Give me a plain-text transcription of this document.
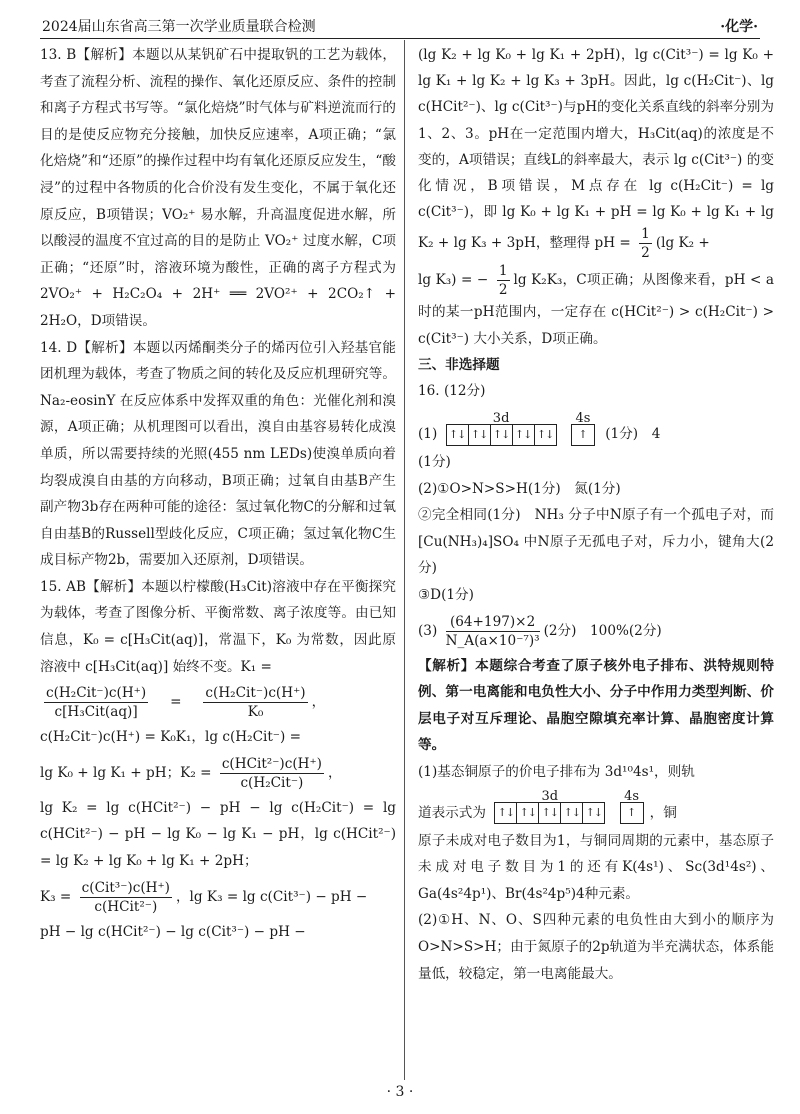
2024届山东省高三第一次学业质量联合检测	·化学·

13. B【解析】本题以从某钒矿石中提取钒的工艺为载体，考查了流程分析、流程的操作、氧化还原反应、条件的控制和离子方程式书写等。“氯化焙烧”时气体与矿料逆流而行的目的是使反应物充分接触，加快反应速率，A项正确；“氯化焙烧”和“还原”的操作过程中均有氧化还原反应发生，“酸浸”的过程中各物质的化合价没有发生变化，不属于氧化还原反应，B项错误；VO₂⁺ 易水解，升高温度促进水解，所以酸浸的温度不宜过高的目的是防止 VO₂⁺ 过度水解，C项正确；“还原”时，溶液环境为酸性，正确的离子方程式为 2VO₂⁺ + H₂C₂O₄ + 2H⁺ ══ 2VO²⁺ + 2CO₂↑ + 2H₂O，D项错误。

14. D【解析】本题以丙烯酮类分子的烯丙位引入羟基官能团机理为载体，考查了物质之间的转化及反应机理研究等。Na₂-eosinY 在反应体系中发挥双重的角色：光催化剂和溴源，A项正确；从机理图可以看出，溴自由基容易转化成溴单质，所以需要持续的光照(455 nm LEDs)使溴单质向着均裂成溴自由基的方向移动，B项正确；过氧自由基B产生副产物3b存在两种可能的途径：氢过氧化物C的分解和过氧自由基B的Russell型歧化反应，C项正确；氢过氧化物C生成目标产物2b，需要加入还原剂，D项错误。

15. AB【解析】本题以柠檬酸(H₃Cit)溶液中存在平衡探究为载体，考查了图像分析、平衡常数、离子浓度等。由已知信息，K₀ = c[H₃Cit(aq)]，常温下，K₀ 为常数，因此原溶液中 c[H₃Cit(aq)] 始终不变。K₁ =

$\frac{\text{c(H₂Cit⁻)c(H⁺)}}{\text{c[H₃Cit(aq)]}}$ 　=　 $\frac{\text{c(H₂Cit⁻)c(H⁺)}}{\text{K₀}}$ ，

c(H₂Cit⁻)c(H⁺) = K₀K₁，lg c(H₂Cit⁻) =

lg K₀ + lg K₁ + pH；$K_2 = \frac{\text{c(HCit²⁻)c(H⁺)}}{\text{c(H₂Cit⁻)}}$ ，

lg K₂ = lg c(HCit²⁻) − pH − lg c(H₂Cit⁻) = lg c(HCit²⁻) − pH − lg K₀ − lg K₁ − pH，lg c(HCit²⁻) = lg K₂ + lg K₀ + lg K₁ + 2pH；

$K_3 = \frac{\text{c(Cit³⁻)c(H⁺)}}{\text{c(HCit²⁻)}}$ ，lg K₃ = lg c(Cit³⁻) − pH −

pH − lg c(HCit²⁻) − lg c(Cit³⁻) − pH −

(lg K₂ + lg K₀ + lg K₁ + 2pH)，lg c(Cit³⁻) = lg K₀ + lg K₁ + lg K₂ + lg K₃ + 3pH。因此，lg c(H₂Cit⁻)、lg c(HCit²⁻)、lg c(Cit³⁻)与pH的变化关系直线的斜率分别为1、2、3。pH在一定范围内增大，H₃Cit(aq)的浓度是不变的，A项错误；直线L的斜率最大，表示 lg c(Cit³⁻) 的变化情况，B项错误，M点存在 lg c(H₂Cit⁻) = lg c(Cit³⁻)，即 lg K₀ + lg K₁ + pH = lg K₀ + lg K₁ + lg K₂ + lg K₃ + 3pH，整理得 pH = $\frac{1}{2} (\lg$ K₂ +

lg K₃) = − $\frac{1}{2}$ lg K₂K₃，C项正确；从图像来看，pH < a 时的某一pH范围内，一定存在 c(HCit²⁻) > c(H₂Cit⁻) > c(Cit³⁻) 大小关系，D项正确。

三、非选择题

16. (12分)

(1)
3d
↑↓ ↑↓ ↑↓ ↑↓ ↑↓

4s
↑	(1分)　4

(1分)

(2)①O>N>S>H(1分)　氮(1分)

②完全相同(1分)　NH₃ 分子中N原子有一个孤电子对，而[Cu(NH₃)₄]SO₄ 中N原子无孤电子对，斥力小，键角大(2分)

③D(1分)

$(3) \frac{(64+197)\times 2}{\text{N\_A(a×10⁻⁷)³}} (2$分)　100%(2分)

【解析】本题综合考查了原子核外电子排布、洪特规则特例、第一电离能和电负性大小、分子中作用力类型判断、价层电子对互斥理论、晶胞空隙填充率计算、晶胞密度计算等。

(1)基态铜原子的价电子排布为 3d¹⁰4s¹，则轨

道表示式为
3d
↑↓ ↑↓ ↑↓ ↑↓ ↑↓

4s
↑ ，铜

原子未成对电子数目为1，与铜同周期的元素中，基态原子未成对电子数目为1的还有K(4s¹)、Sc(3d¹4s²)、Ga(4s²4p¹)、Br(4s²4p⁵)4种元素。

(2)①H、N、O、S四种元素的电负性由大到小的顺序为O>N>S>H；由于氮原子的2p轨道为半充满状态，体系能量低，较稳定，第一电离能最大。

· 3 ·
